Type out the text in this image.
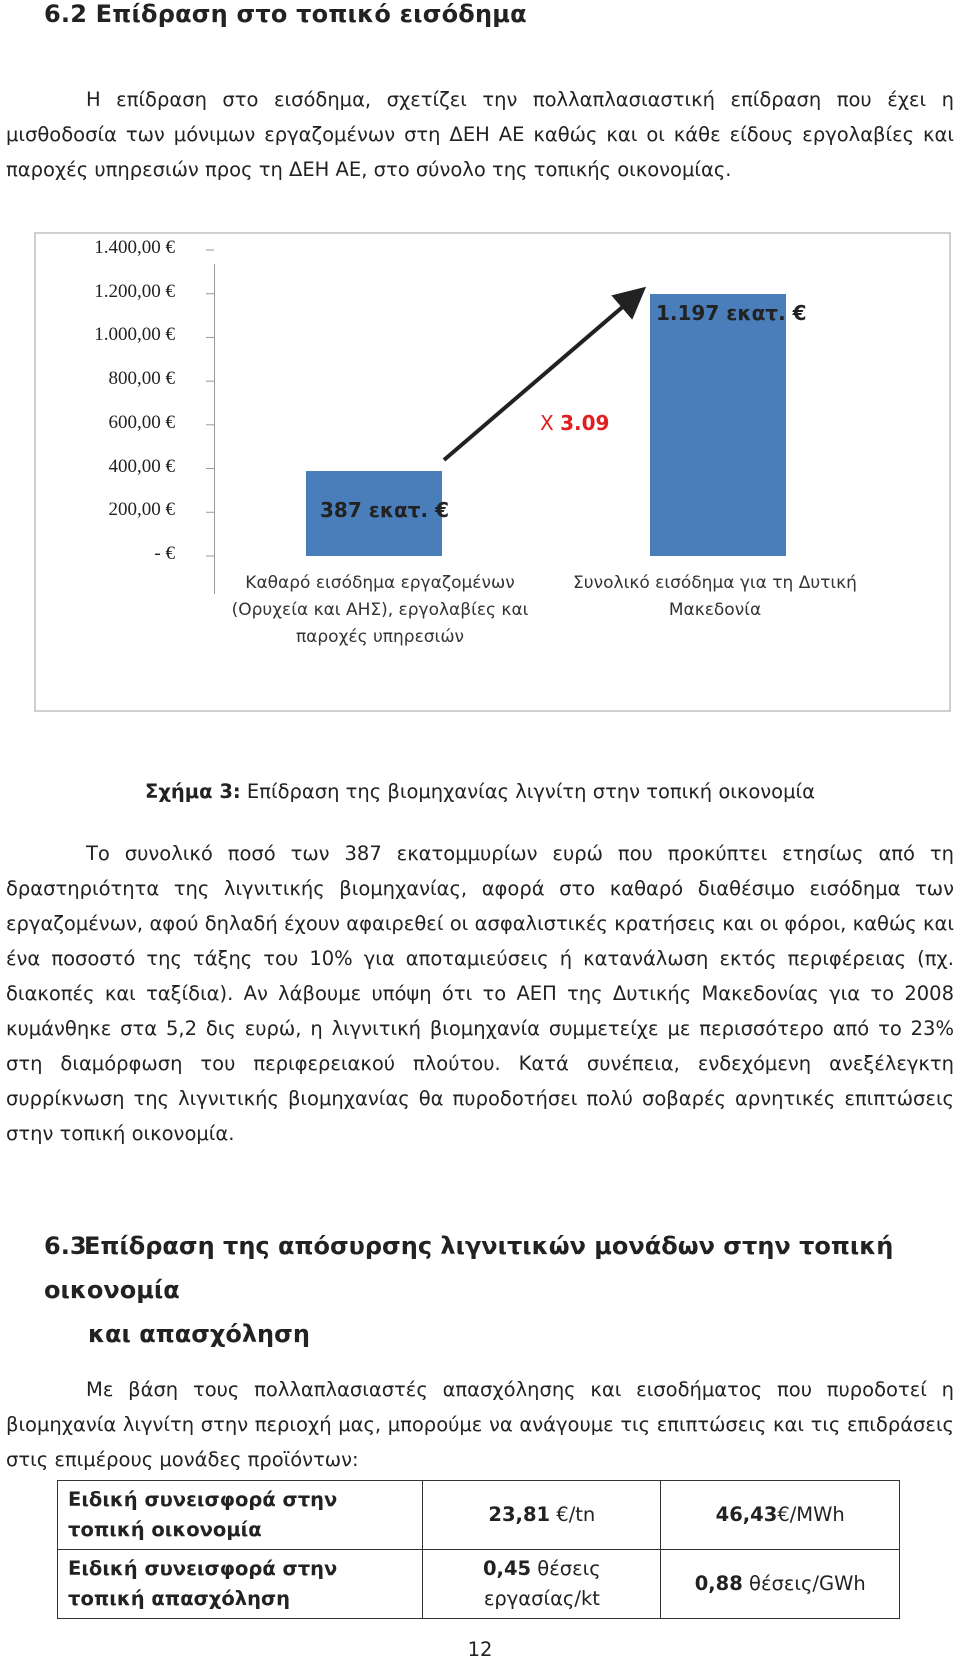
6.2 Επίδραση στο τοπικό εισόδημα
Η επίδραση στο εισόδημα, σχετίζει την πολλαπλασιαστική επίδραση που έχει η μισθοδοσία των μόνιμων εργαζομένων στη ΔΕΗ ΑΕ καθώς και οι κάθε είδους εργολαβίες και παροχές υπηρεσιών προς τη ΔΕΗ ΑΕ, στο σύνολο της τοπικής οικονομίας.
1.400,00 €
1.200,00 €
1.000,00 €
800,00 €
600,00 €
400,00 €
200,00 €
- €
387 εκατ. €
1.197 εκατ. €
Καθαρό εισόδημα εργαζομένων (Ορυχεία και ΑΗΣ), εργολαβίες και παροχές υπηρεσιών
Συνολικό εισόδημα για τη Δυτική Μακεδονία
Χ 3.09
Σχήμα 3: Επίδραση της βιομηχανίας λιγνίτη στην τοπική οικονομία
Το συνολικό ποσό των 387 εκατομμυρίων ευρώ που προκύπτει ετησίως από τη δραστηριότητα της λιγνιτικής βιομηχανίας, αφορά στο καθαρό διαθέσιμο εισόδημα των εργαζομένων, αφού δηλαδή έχουν αφαιρεθεί οι ασφαλιστικές κρατήσεις και οι φόροι, καθώς και ένα ποσοστό της τάξης του 10% για αποταμιεύσεις ή κατανάλωση εκτός περιφέρειας (πχ. διακοπές και ταξίδια). Αν λάβουμε υπόψη ότι το ΑΕΠ της Δυτικής Μακεδονίας για το 2008 κυμάνθηκε στα 5,2 δις ευρώ, η λιγνιτική βιομηχανία συμμετείχε με περισσότερο από το 23% στη διαμόρφωση του περιφερειακού πλούτου. Κατά συνέπεια, ενδεχόμενη ανεξέλεγκτη συρρίκνωση της λιγνιτικής βιομηχανίας θα πυροδοτήσει πολύ σοβαρές αρνητικές επιπτώσεις στην τοπική οικονομία.
6.3Επίδραση της απόσυρσης λιγνιτικών μονάδων στην τοπική οικονομία
και απασχόληση
Με βάση τους πολλαπλασιαστές απασχόλησης και εισοδήματος που πυροδοτεί η βιομηχανία λιγνίτη στην περιοχή μας, μπορούμε να ανάγουμε τις επιπτώσεις και τις επιδράσεις στις επιμέρους μονάδες προϊόντων:
Ειδική συνεισφορά στην
τοπική οικονομία	23,81 €/tn	46,43€/MWh
Ειδική συνεισφορά στην
τοπική απασχόληση	0,45 θέσεις εργασίας/kt	0,88 θέσεις/GWh
12
